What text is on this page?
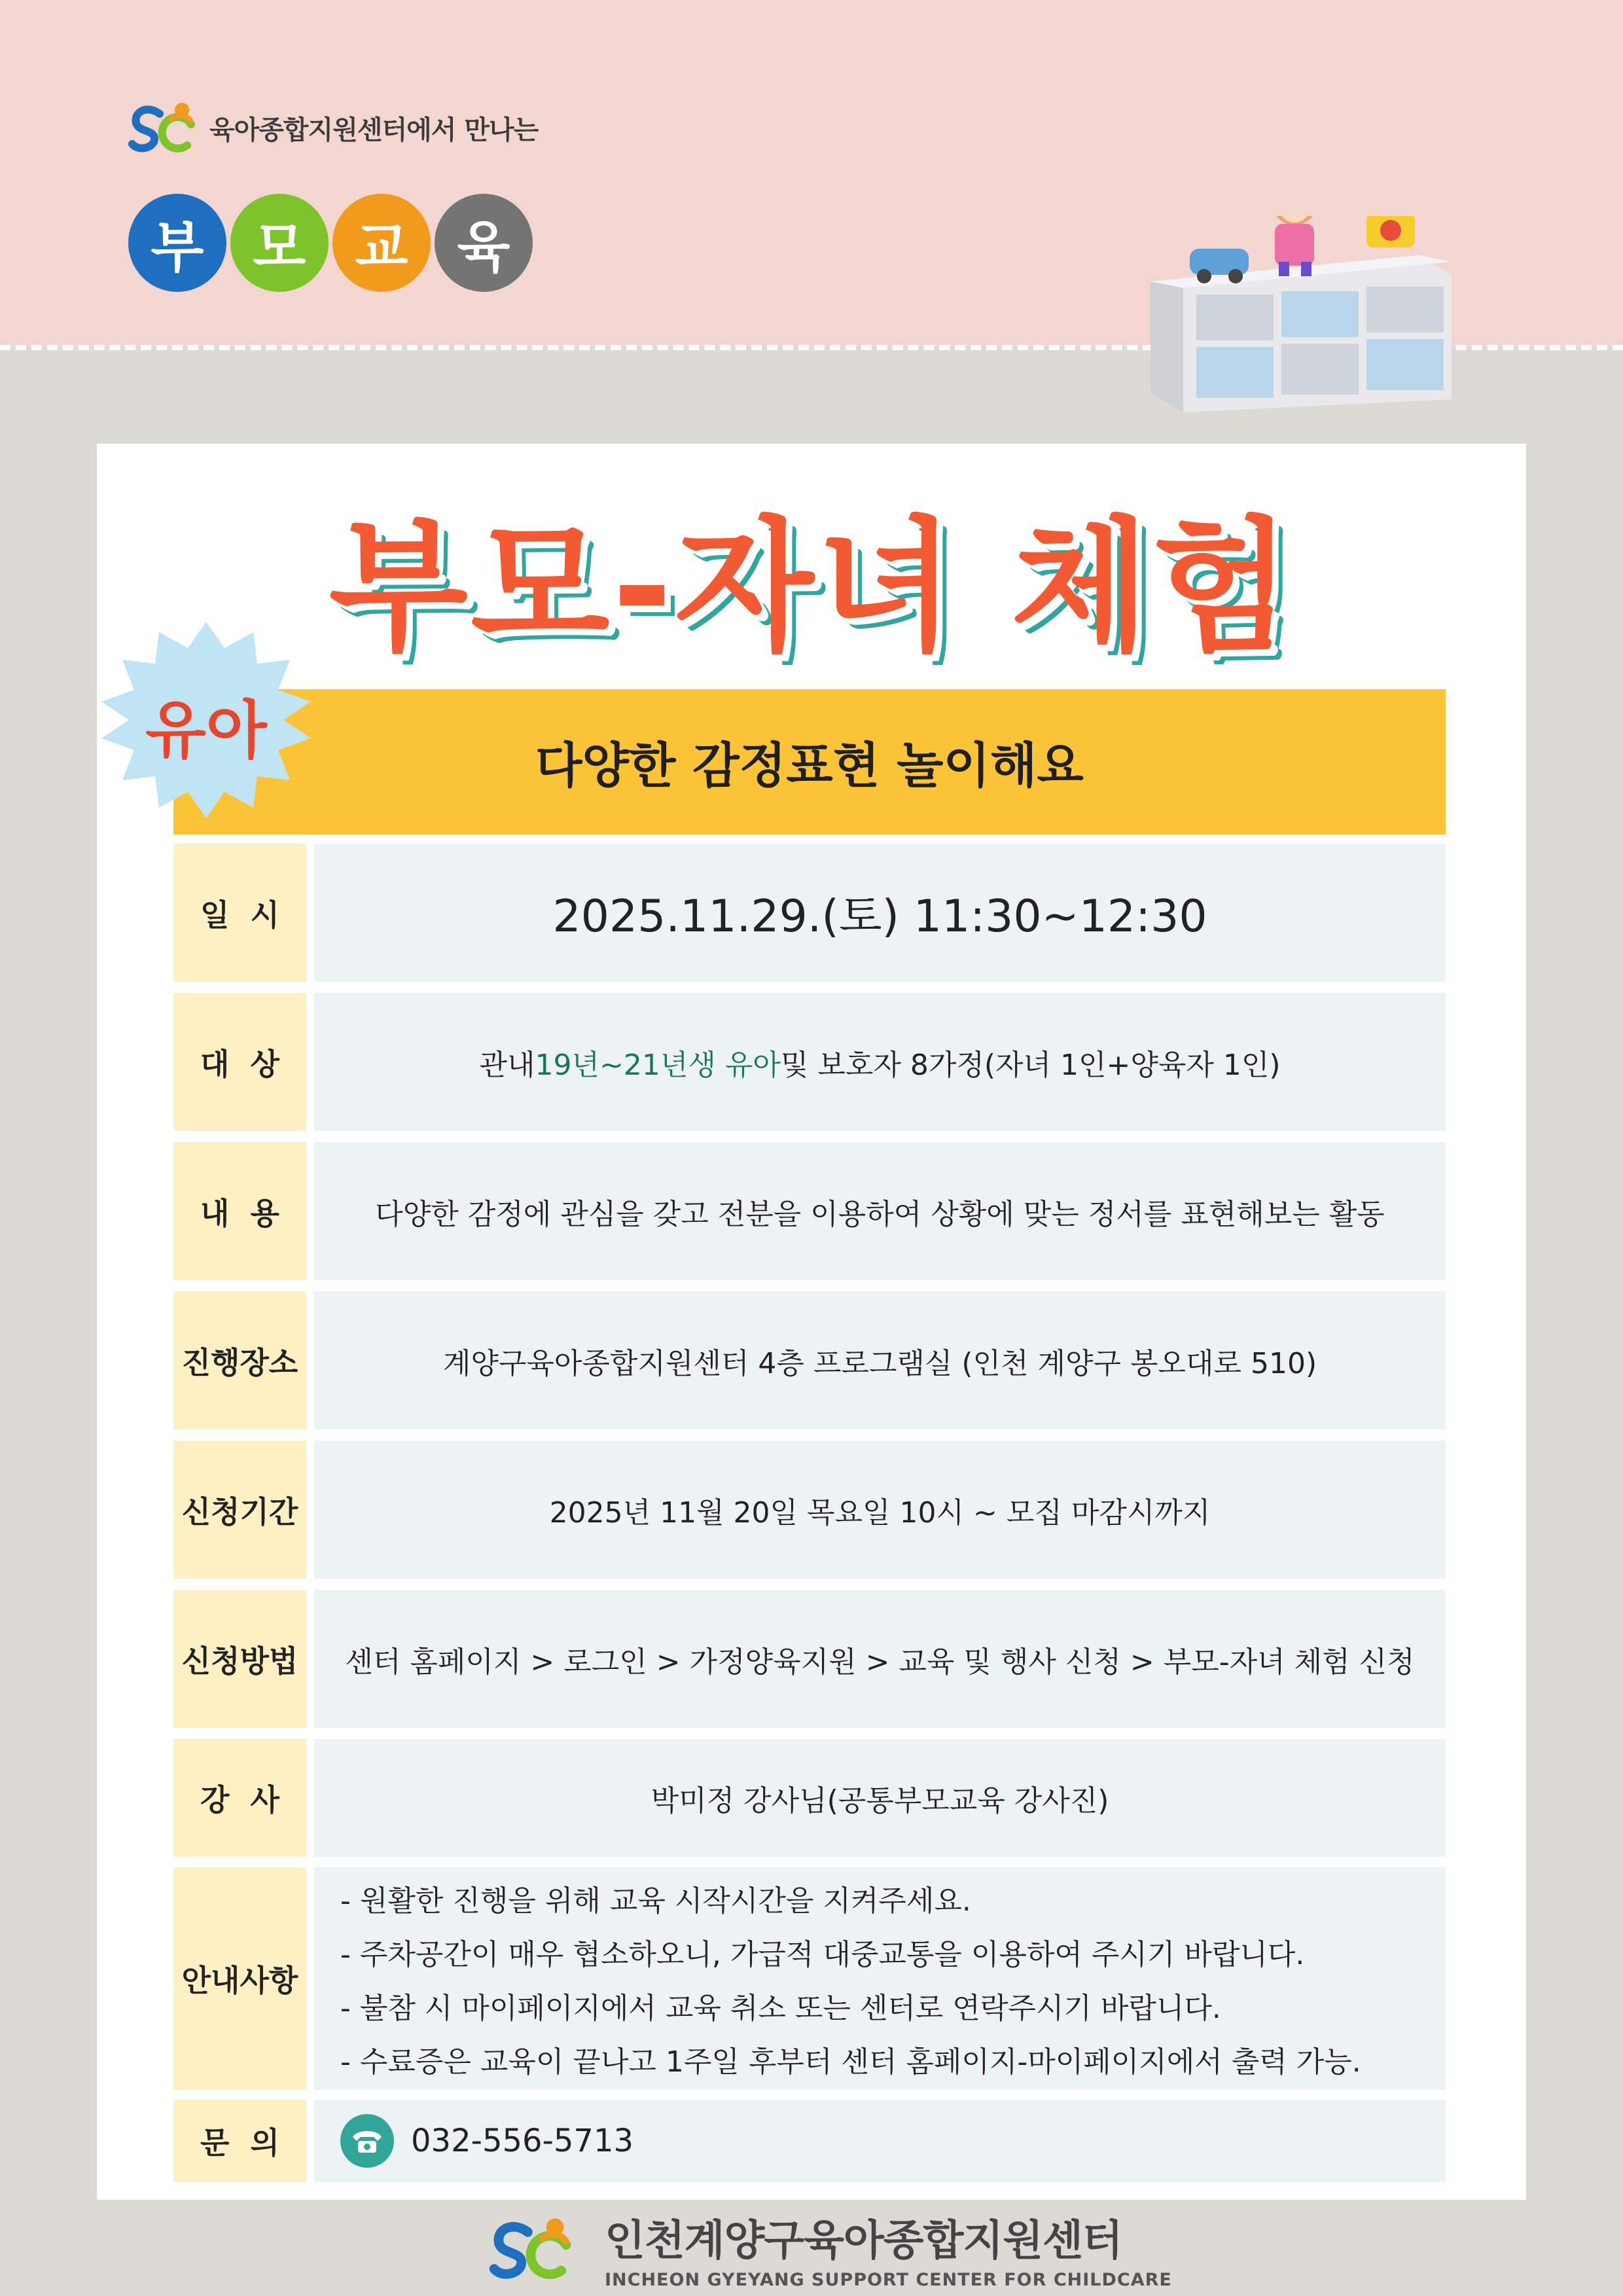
육아종합지원센터에서 만나는
부 모 교 육
부모-자녀 체험
다양한 감정표현 놀이해요
유아
일  시	2025.11.29.(토) 11:30~12:30
대  상	관내 19년~21년생 유아 및 보호자 8가정(자녀 1인+양육자 1인)
내  용	다양한 감정에 관심을 갖고 전분을 이용하여 상황에 맞는 정서를 표현해보는 활동
진행장소	계양구육아종합지원센터 4층 프로그램실 (인천 계양구 봉오대로 510)
신청기간	2025년 11월 20일 목요일 10시 ~ 모집 마감시까지
신청방법	센터 홈페이지 > 로그인 > 가정양육지원 > 교육 및 행사 신청 > 부모-자녀 체험 신청
강  사	박미정 강사님(공통부모교육 강사진)
안내사항
- 원활한 진행을 위해 교육 시작시간을 지켜주세요.
- 주차공간이 매우 협소하오니, 가급적 대중교통을 이용하여 주시기 바랍니다.
- 불참 시 마이페이지에서 교육 취소 또는 센터로 연락주시기 바랍니다.
- 수료증은 교육이 끝나고 1주일 후부터 센터 홈페이지-마이페이지에서 출력 가능.
문  의	032-556-5713
인천계양구육아종합지원센터
INCHEON GYEYANG SUPPORT CENTER FOR CHILDCARE
